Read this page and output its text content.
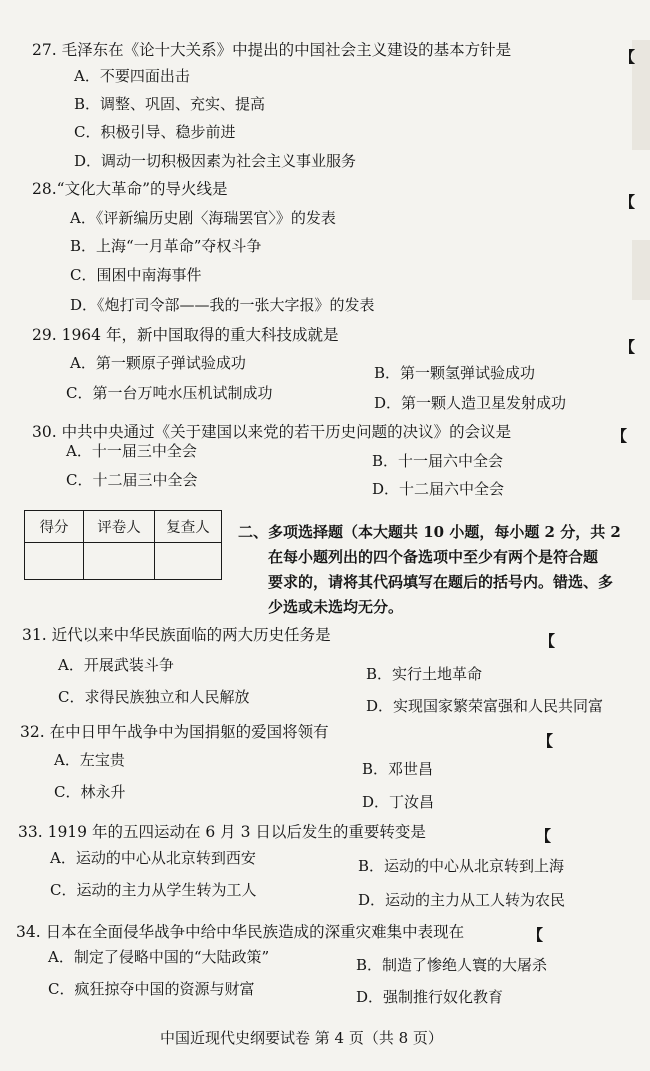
27. 毛泽东在《论十大关系》中提出的中国社会主义建设的基本方针是	【
A．不要四面出击
B．调整、巩固、充实、提高
C．积极引导、稳步前进
D．调动一切积极因素为社会主义事业服务
28.“文化大革命”的导火线是
【
A．《评新编历史剧〈海瑞罢官〉》的发表
B．上海“一月革命”夺权斗争
C．围困中南海事件
D．《炮打司令部——我的一张大字报》的发表
29. 1964 年，新中国取得的重大科技成就是
【
A．第一颗原子弹试验成功
B．第一颗氢弹试验成功
C．第一台万吨水压机试制成功
D．第一颗人造卫星发射成功
30. 中共中央通过《关于建国以来党的若干历史问题的决议》的会议是	【
A．十一届三中全会
B．十一届六中全会
C．十二届三中全会	D．十二届六中全会
得分	评卷人	复查人
		二、多项选择题（本大题共 10 小题，每小题 2 分，共 2
在每小题列出的四个备选项中至少有两个是符合题
要求的，请将其代码填写在题后的括号内。错选、多
少选或未选均无分。
31. 近代以来中华民族面临的两大历史任务是	【
A．开展武装斗争	B．实行土地革命
C．求得民族独立和人民解放	D．实现国家繁荣富强和人民共同富
32. 在中日甲午战争中为国捐躯的爱国将领有	【
A．左宝贵	B．邓世昌
C．林永升
D．丁汝昌
33. 1919 年的五四运动在 6 月 3 日以后发生的重要转变是	【
A．运动的中心从北京转到西安	B．运动的中心从北京转到上海
C．运动的主力从学生转为工人
D．运动的主力从工人转为农民
34. 日本在全面侵华战争中给中华民族造成的深重灾难集中表现在	【
A．制定了侵略中国的“大陆政策”	B．制造了惨绝人寰的大屠杀
C．疯狂掠夺中国的资源与财富	D．强制推行奴化教育
中国近现代史纲要试卷 第 4 页（共 8 页）
